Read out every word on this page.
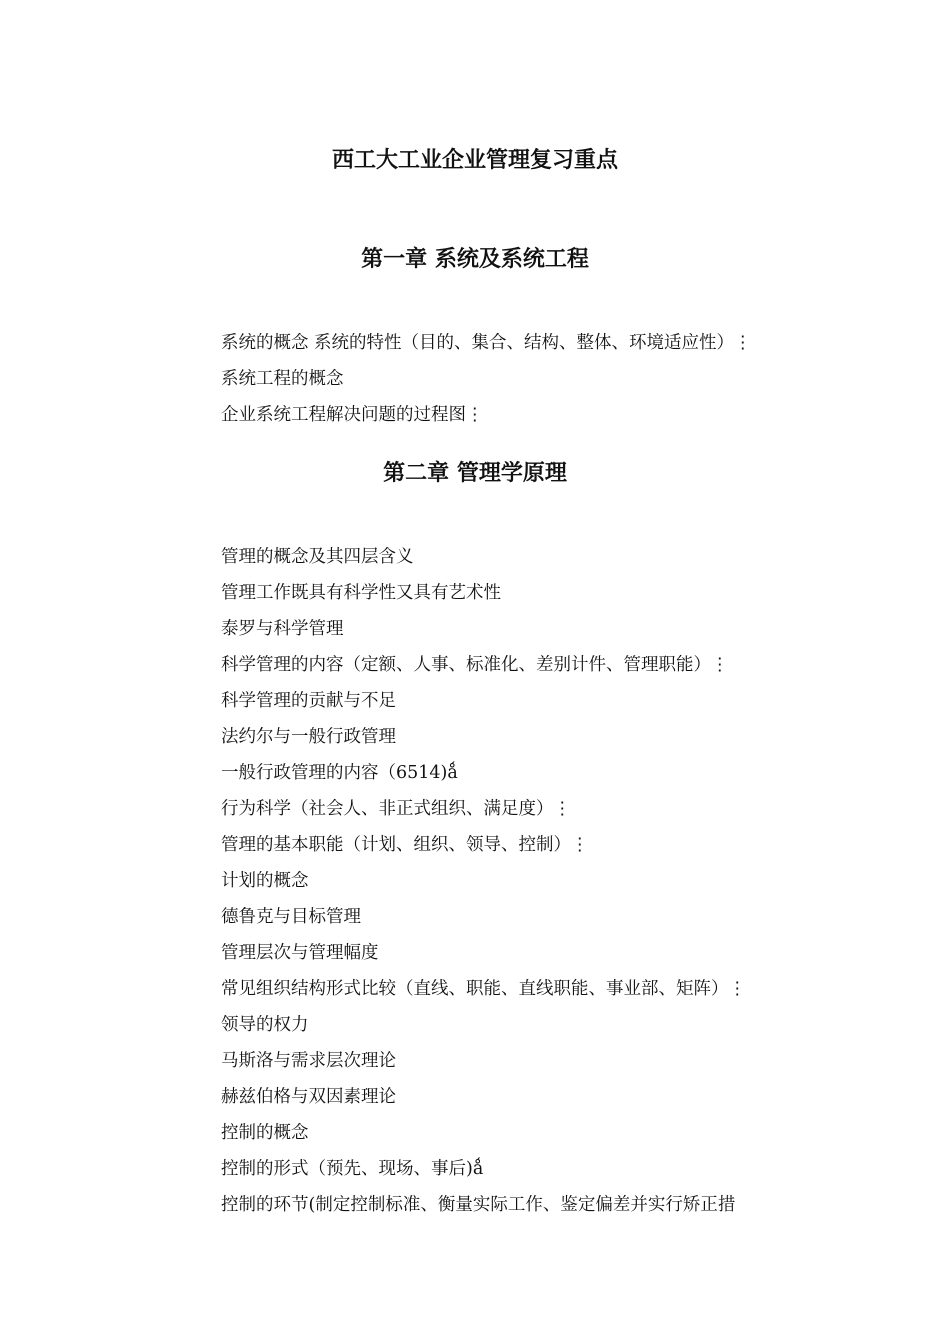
西工大工业企业管理复习重点
第一章 系统及系统工程
系统的概念 系统的特性（目的、集合、结构、整体、环境适应性）⋮
系统工程的概念
企业系统工程解决问题的过程图⋮
第二章 管理学原理
管理的概念及其四层含义
管理工作既具有科学性又具有艺术性
泰罗与科学管理
科学管理的内容（定额、人事、标准化、差别计件、管理职能）⋮
科学管理的贡献与不足
法约尔与一般行政管理
一般行政管理的内容（6514)ǻ
行为科学（社会人、非正式组织、满足度）⋮
管理的基本职能（计划、组织、领导、控制）⋮
计划的概念
德鲁克与目标管理
管理层次与管理幅度
常见组织结构形式比较（直线、职能、直线职能、事业部、矩阵）⋮
领导的权力
马斯洛与需求层次理论
赫兹伯格与双因素理论
控制的概念
控制的形式（预先、现场、事后)ǻ
控制的环节(制定控制标准、衡量实际工作、鉴定偏差并实行矫正措
